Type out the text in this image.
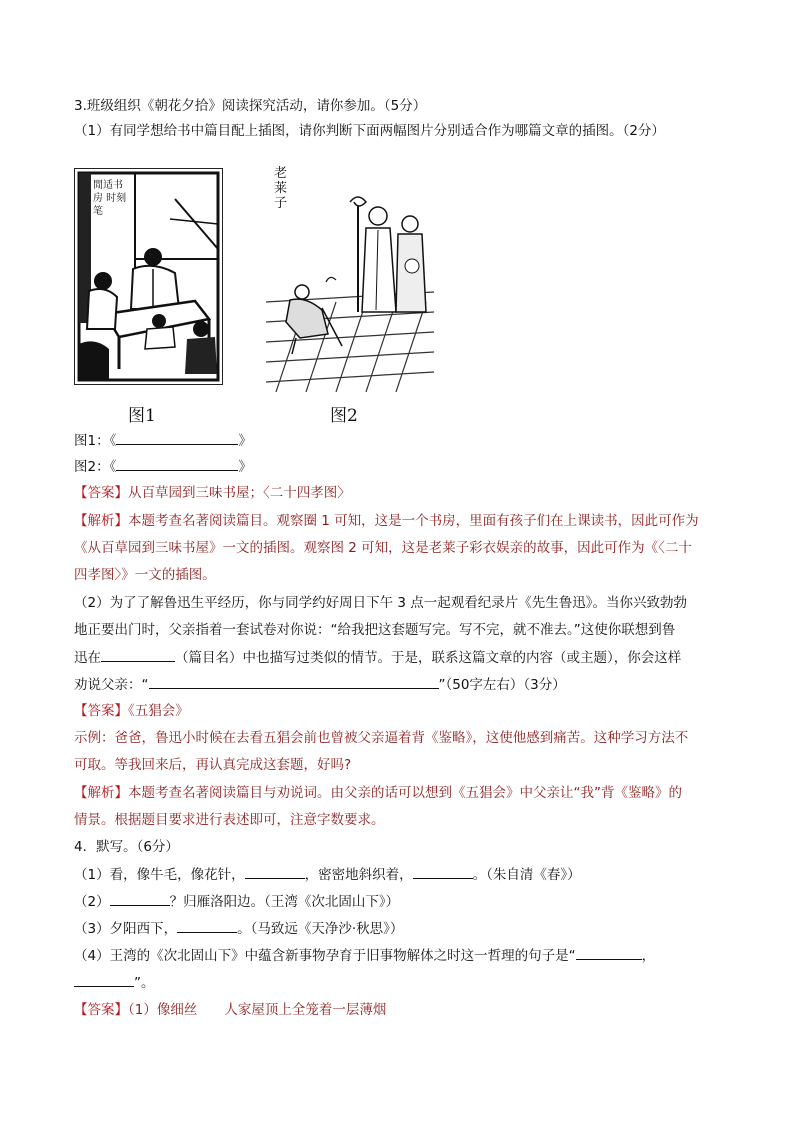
3.班级组织《朝花夕拾》阅读探究活动，请你参加。（5分）
（1）有同学想给书中篇目配上插图，请你判断下面两幅图片分别适合作为哪篇文章的插图。（2分）
閒适书房 时刻笔
图1
老莱子
图2
图1：《	》
图2：《	》
【答案】从百草园到三味书屋；〈二十四孝图〉
【解析】本题考查名著阅读篇目。观察圈 1 可知，这是一个书房，里面有孩子们在上课读书，因此可作为
《从百草园到三味书屋》一文的插图。观察图 2 可知，这是老莱子彩衣娱亲的故事，因此可作为《〈二十
四孝图〉》一文的插图。
（2）为了了解鲁迅生平经历，你与同学约好周日下午 3 点一起观看纪录片《先生鲁迅》。当你兴致勃勃
地正要出门时，父亲指着一套试卷对你说：“给我把这套题写完。写不完，就不准去。”这使你联想到鲁
迅在	（篇目名）中也描写过类似的情节。于是，联系这篇文章的内容（或主题），你会这样
劝说父亲：“	”（50字左右）（3分）
【答案】《五猖会》
示例：爸爸，鲁迅小时候在去看五猖会前也曾被父亲逼着背《鉴略》，这使他感到痛苦。这种学习方法不
可取。等我回来后，再认真完成这套题，好吗?
【解析】本题考查名著阅读篇目与劝说词。由父亲的话可以想到《五猖会》中父亲让“我”背《鉴略》的
情景。根据题目要求进行表述即可，注意字数要求。
4．默写。（6分）
（1）看，像牛毛，像花针，	，密密地斜织着，	。（朱自清《春》）
（2）	？归雁洛阳边。（王湾《次北固山下》）
（3）夕阳西下，	。（马致远《天净沙·秋思》）
（4）王湾的《次北固山下》中蕴含新事物孕育于旧事物解体之时这一哲理的句子是“	，
”。
【答案】（1）像细丝　　人家屋顶上全笼着一层薄烟
